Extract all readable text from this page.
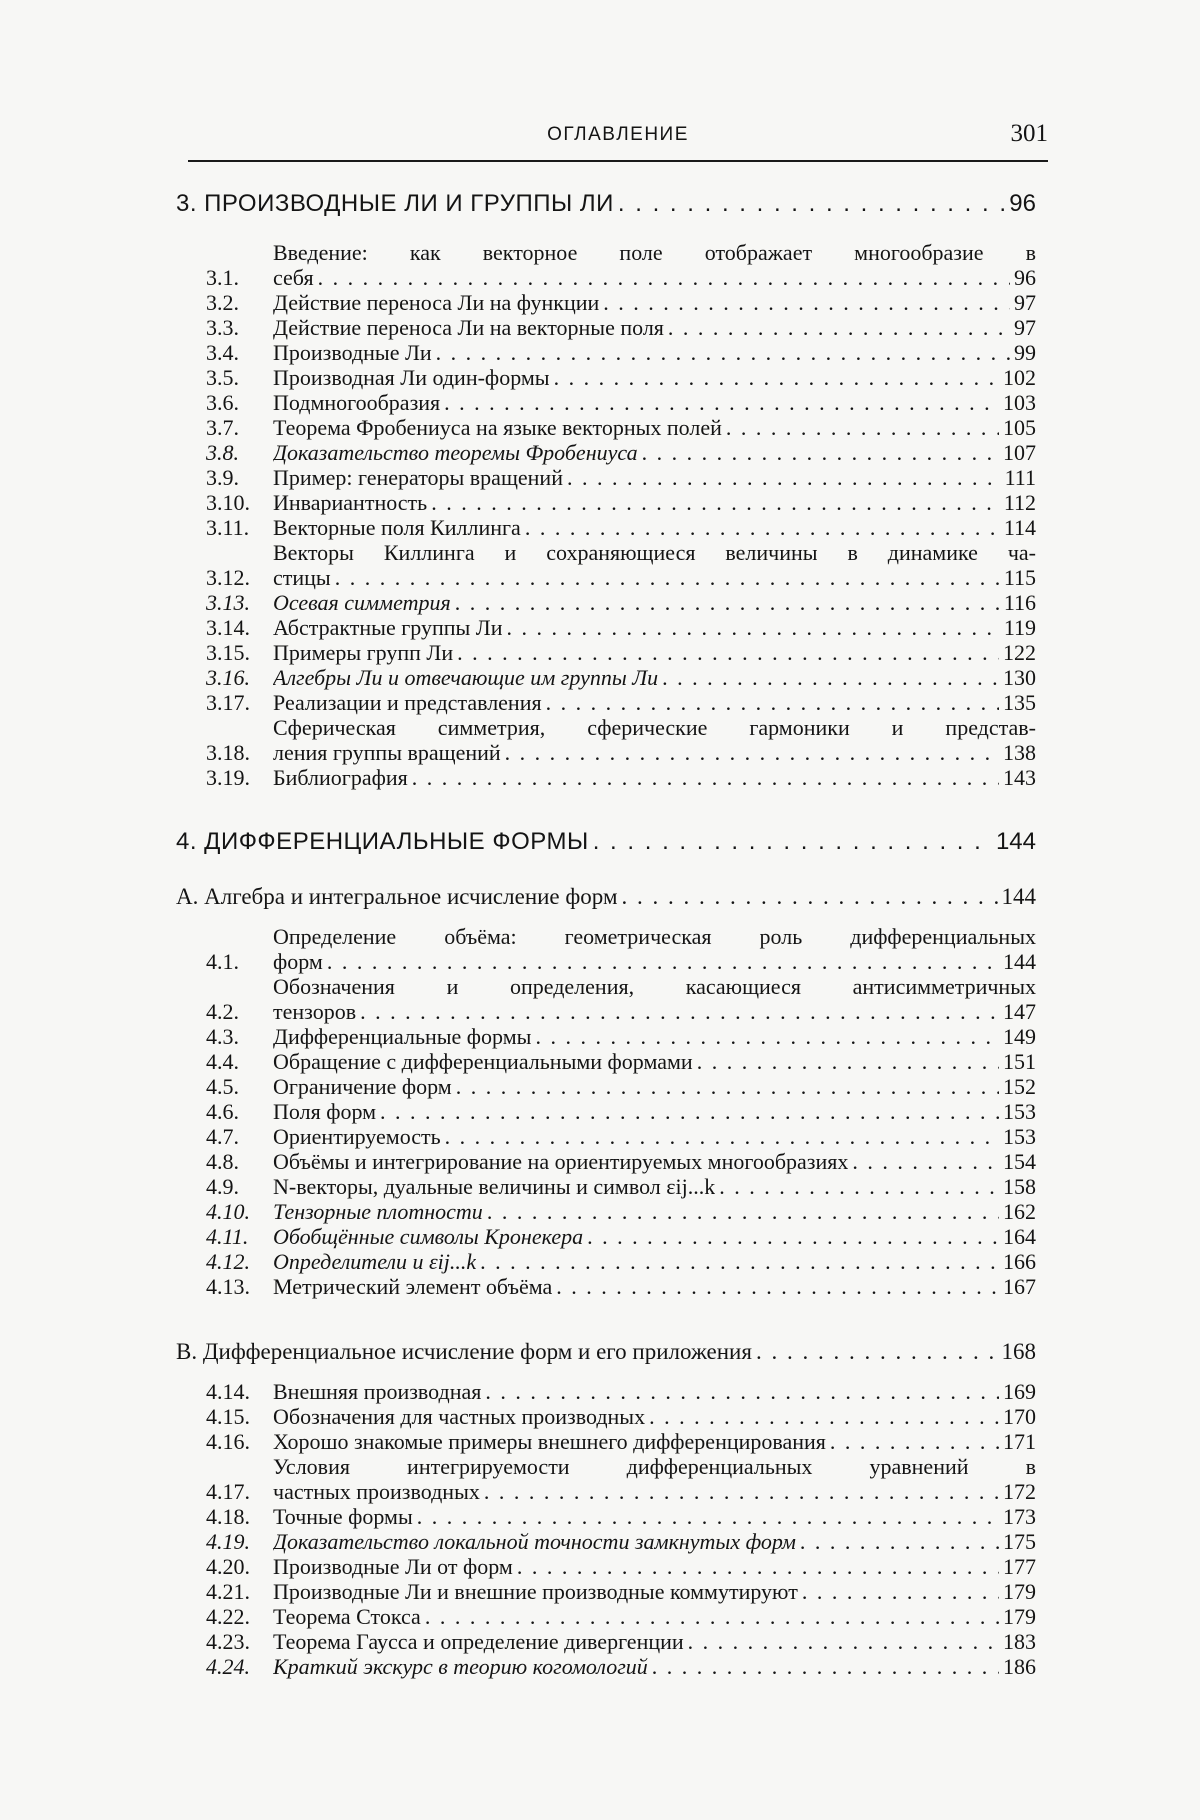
ОГЛАВЛЕНИЕ	301
3. ПРОИЗВОДНЫЕ ЛИ И ГРУППЫ ЛИ . . .	96
3.1.
Введение: как векторное поле отображает многообразие в
себя . . .	96
3.2. Действие переноса Ли на функции . . .	97
3.3. Действие переноса Ли на векторные поля . . .	97
3.4. Производные Ли . . .	99
3.5. Производная Ли один-формы . . .	102
3.6. Подмногообразия . . .	103
3.7. Теорема Фробениуса на языке векторных полей . . .	105
3.8. Доказательство теоремы Фробениуса . . .	107
3.9. Пример: генераторы вращений . . .	111
3.10. Инвариантность . . .	112
3.11. Векторные поля Киллинга . . .	114
3.12.
Векторы Киллинга и сохраняющиеся величины в динамике ча-
стицы . . .	115
3.13. Осевая симметрия . . .	116
3.14. Абстрактные группы Ли . . .	119
3.15. Примеры групп Ли . . .	122
3.16. Алгебры Ли и отвечающие им группы Ли . . .	130
3.17. Реализации и представления . . .	135
3.18.
Сферическая симметрия, сферические гармоники и представ-
ления группы вращений . . .	138
3.19. Библиография . . .	143
4. ДИФФЕРЕНЦИАЛЬНЫЕ ФОРМЫ . . .	144
А. Алгебра и интегральное исчисление форм . . .	144
4.1.
Определение объёма: геометрическая роль дифференциальных
форм . . .	144
4.2.
Обозначения и определения, касающиеся антисимметричных
тензоров . . .	147
4.3. Дифференциальные формы . . .	149
4.4. Обращение с дифференциальными формами . . .	151
4.5. Ограничение форм . . .	152
4.6. Поля форм . . .	153
4.7. Ориентируемость . . .	153
4.8. Объёмы и интегрирование на ориентируемых многообразиях . . .	154
4.9. N-векторы, дуальные величины и символ εij...k . . .	158
4.10. Тензорные плотности . . .	162
4.11. Обобщённые символы Кронекера . . .	164
4.12. Определители и εij...k . . .	166
4.13. Метрический элемент объёма . . .	167
В. Дифференциальное исчисление форм и его приложения . . .	168
4.14. Внешняя производная . . .	169
4.15. Обозначения для частных производных . . .	170
4.16. Хорошо знакомые примеры внешнего дифференцирования . . .	171
4.17.
Условия интегрируемости дифференциальных уравнений в
частных производных . . .	172
4.18. Точные формы . . .	173
4.19. Доказательство локальной точности замкнутых форм . . .	175
4.20. Производные Ли от форм . . .	177
4.21. Производные Ли и внешние производные коммутируют . . .	179
4.22. Теорема Стокса . . .	179
4.23. Теорема Гаусса и определение дивергенции . . .	183
4.24. Краткий экскурс в теорию когомологий . . .	186
